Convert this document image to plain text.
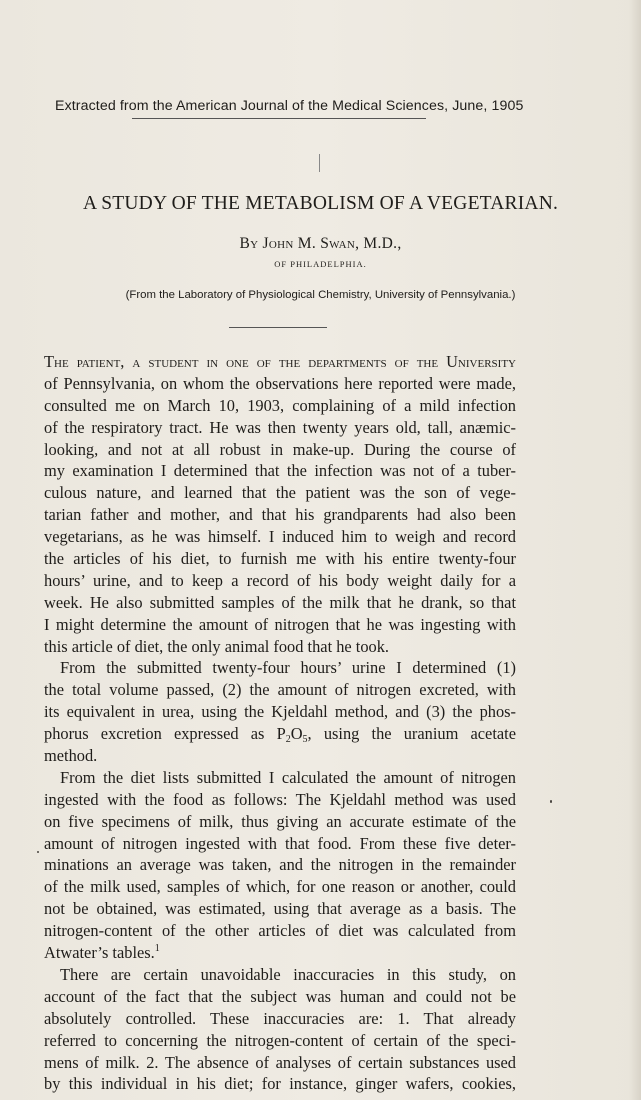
Extracted from the American Journal of the Medical Sciences, June, 1905
A STUDY OF THE METABOLISM OF A VEGETARIAN.
By John M. Swan, M.D.,
OF PHILADELPHIA.
(From the Laboratory of Physiological Chemistry, University of Pennsylvania.)
The patient, a student in one of the departments of the University
of Pennsylvania, on whom the observations here reported were made,
consulted me on March 10, 1903, complaining of a mild infection
of the respiratory tract. He was then twenty years old, tall, anæmic-
looking, and not at all robust in make-up. During the course of
my examination I determined that the infection was not of a tuber-
culous nature, and learned that the patient was the son of vege-
tarian father and mother, and that his grandparents had also been
vegetarians, as he was himself. I induced him to weigh and record
the articles of his diet, to furnish me with his entire twenty-four
hours’ urine, and to keep a record of his body weight daily for a
week. He also submitted samples of the milk that he drank, so that
I might determine the amount of nitrogen that he was ingesting with
this article of diet, the only animal food that he took.
From the submitted twenty-four hours’ urine I determined (1)
the total volume passed, (2) the amount of nitrogen excreted, with
its equivalent in urea, using the Kjeldahl method, and (3) the phos-
phorus excretion expressed as $P_2O_5$, using the uranium acetate
method.
From the diet lists submitted I calculated the amount of nitrogen
ingested with the food as follows: The Kjeldahl method was used
on five specimens of milk, thus giving an accurate estimate of the
amount of nitrogen ingested with that food. From these five deter-
minations an average was taken, and the nitrogen in the remainder
of the milk used, samples of which, for one reason or another, could
not be obtained, was estimated, using that average as a basis. The
nitrogen-content of the other articles of diet was calculated from
Atwater’s tables.$^1$
There are certain unavoidable inaccuracies in this study, on
account of the fact that the subject was human and could not be
absolutely controlled. These inaccuracies are: 1. That already
referred to concerning the nitrogen-content of certain of the speci-
mens of milk. 2. The absence of analyses of certain substances used
by this individual in his diet; for instance, ginger wafers, cookies,
